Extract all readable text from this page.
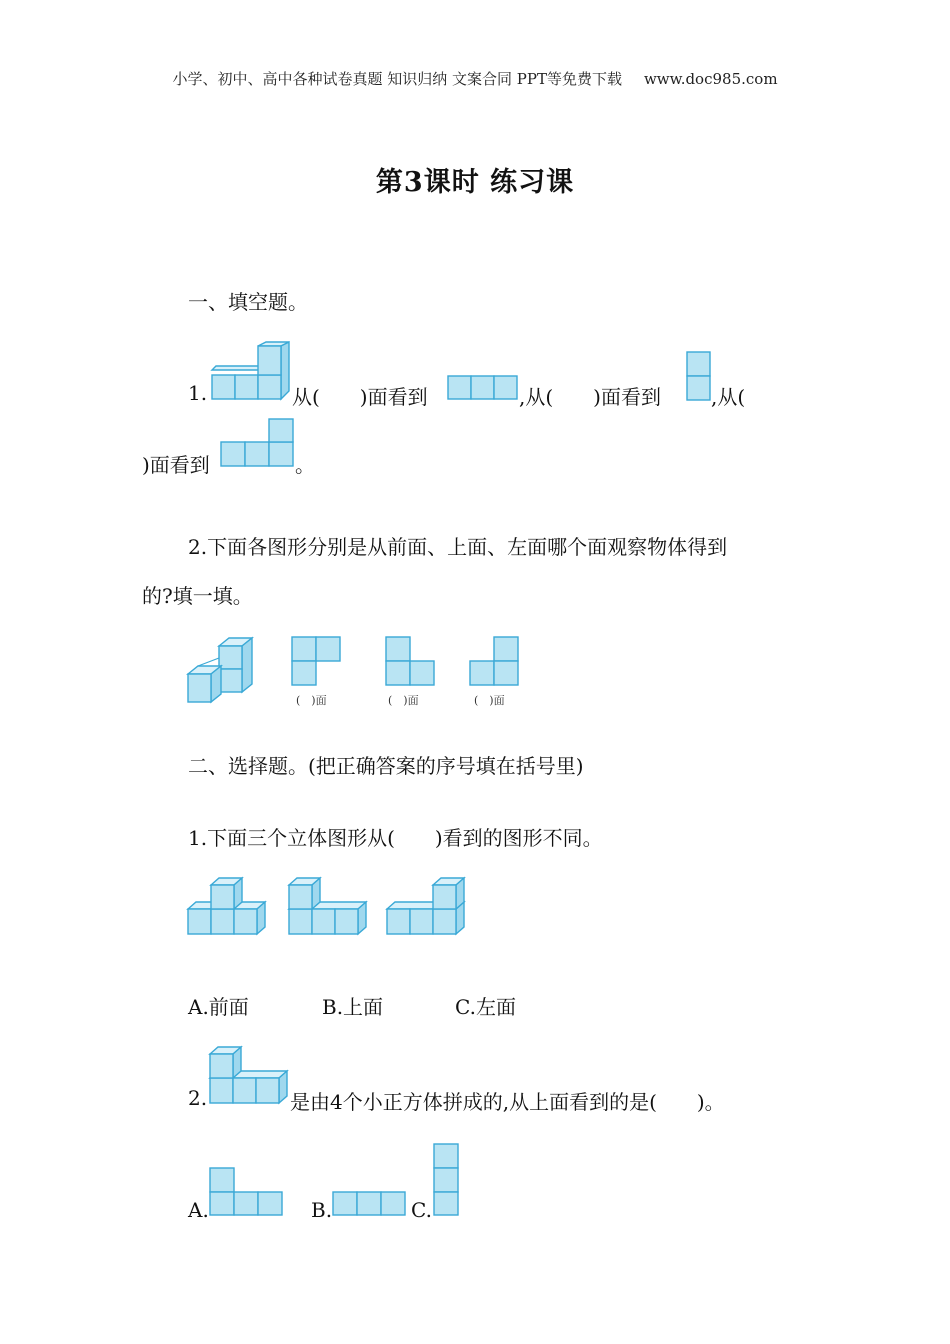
小学、初中、高中各种试卷真题 知识归纳 文案合同 PPT等免费下载 www.doc985.com
第3课时 练习课
一、填空题。
1.	从(　　)面看到	,从(　　)面看到	,从(
)面看到	。
2.下面各图形分别是从前面、上面、左面哪个面观察物体得到
的?填一填。
(　)面	(　)面	(　)面
二、选择题。(把正确答案的序号填在括号里)
1.下面三个立体图形从(　　)看到的图形不同。
A.前面	B.上面	C.左面
2.	是由4个小正方体拼成的,从上面看到的是(　　)。
A.	B.	C.
